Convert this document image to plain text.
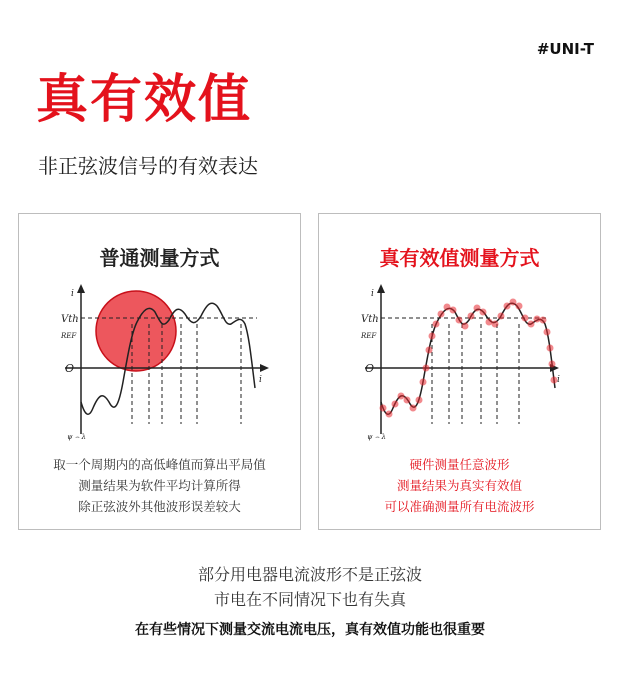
#UNI-T
真有效值
非正弦波信号的有效表达
普通测量方式
i
i
Vth
REF
O
ψ ⌢ λ
取一个周期内的高低峰值而算出平局值
测量结果为软件平均计算所得
除正弦波外其他波形误差较大
真有效值测量方式
i
i
Vth
REF
O
ψ ⌢ λ
硬件测量任意波形
测量结果为真实有效值
可以准确测量所有电流波形
部分用电器电流波形不是正弦波
市电在不同情况下也有失真
在有些情况下测量交流电流电压，真有效值功能也很重要
